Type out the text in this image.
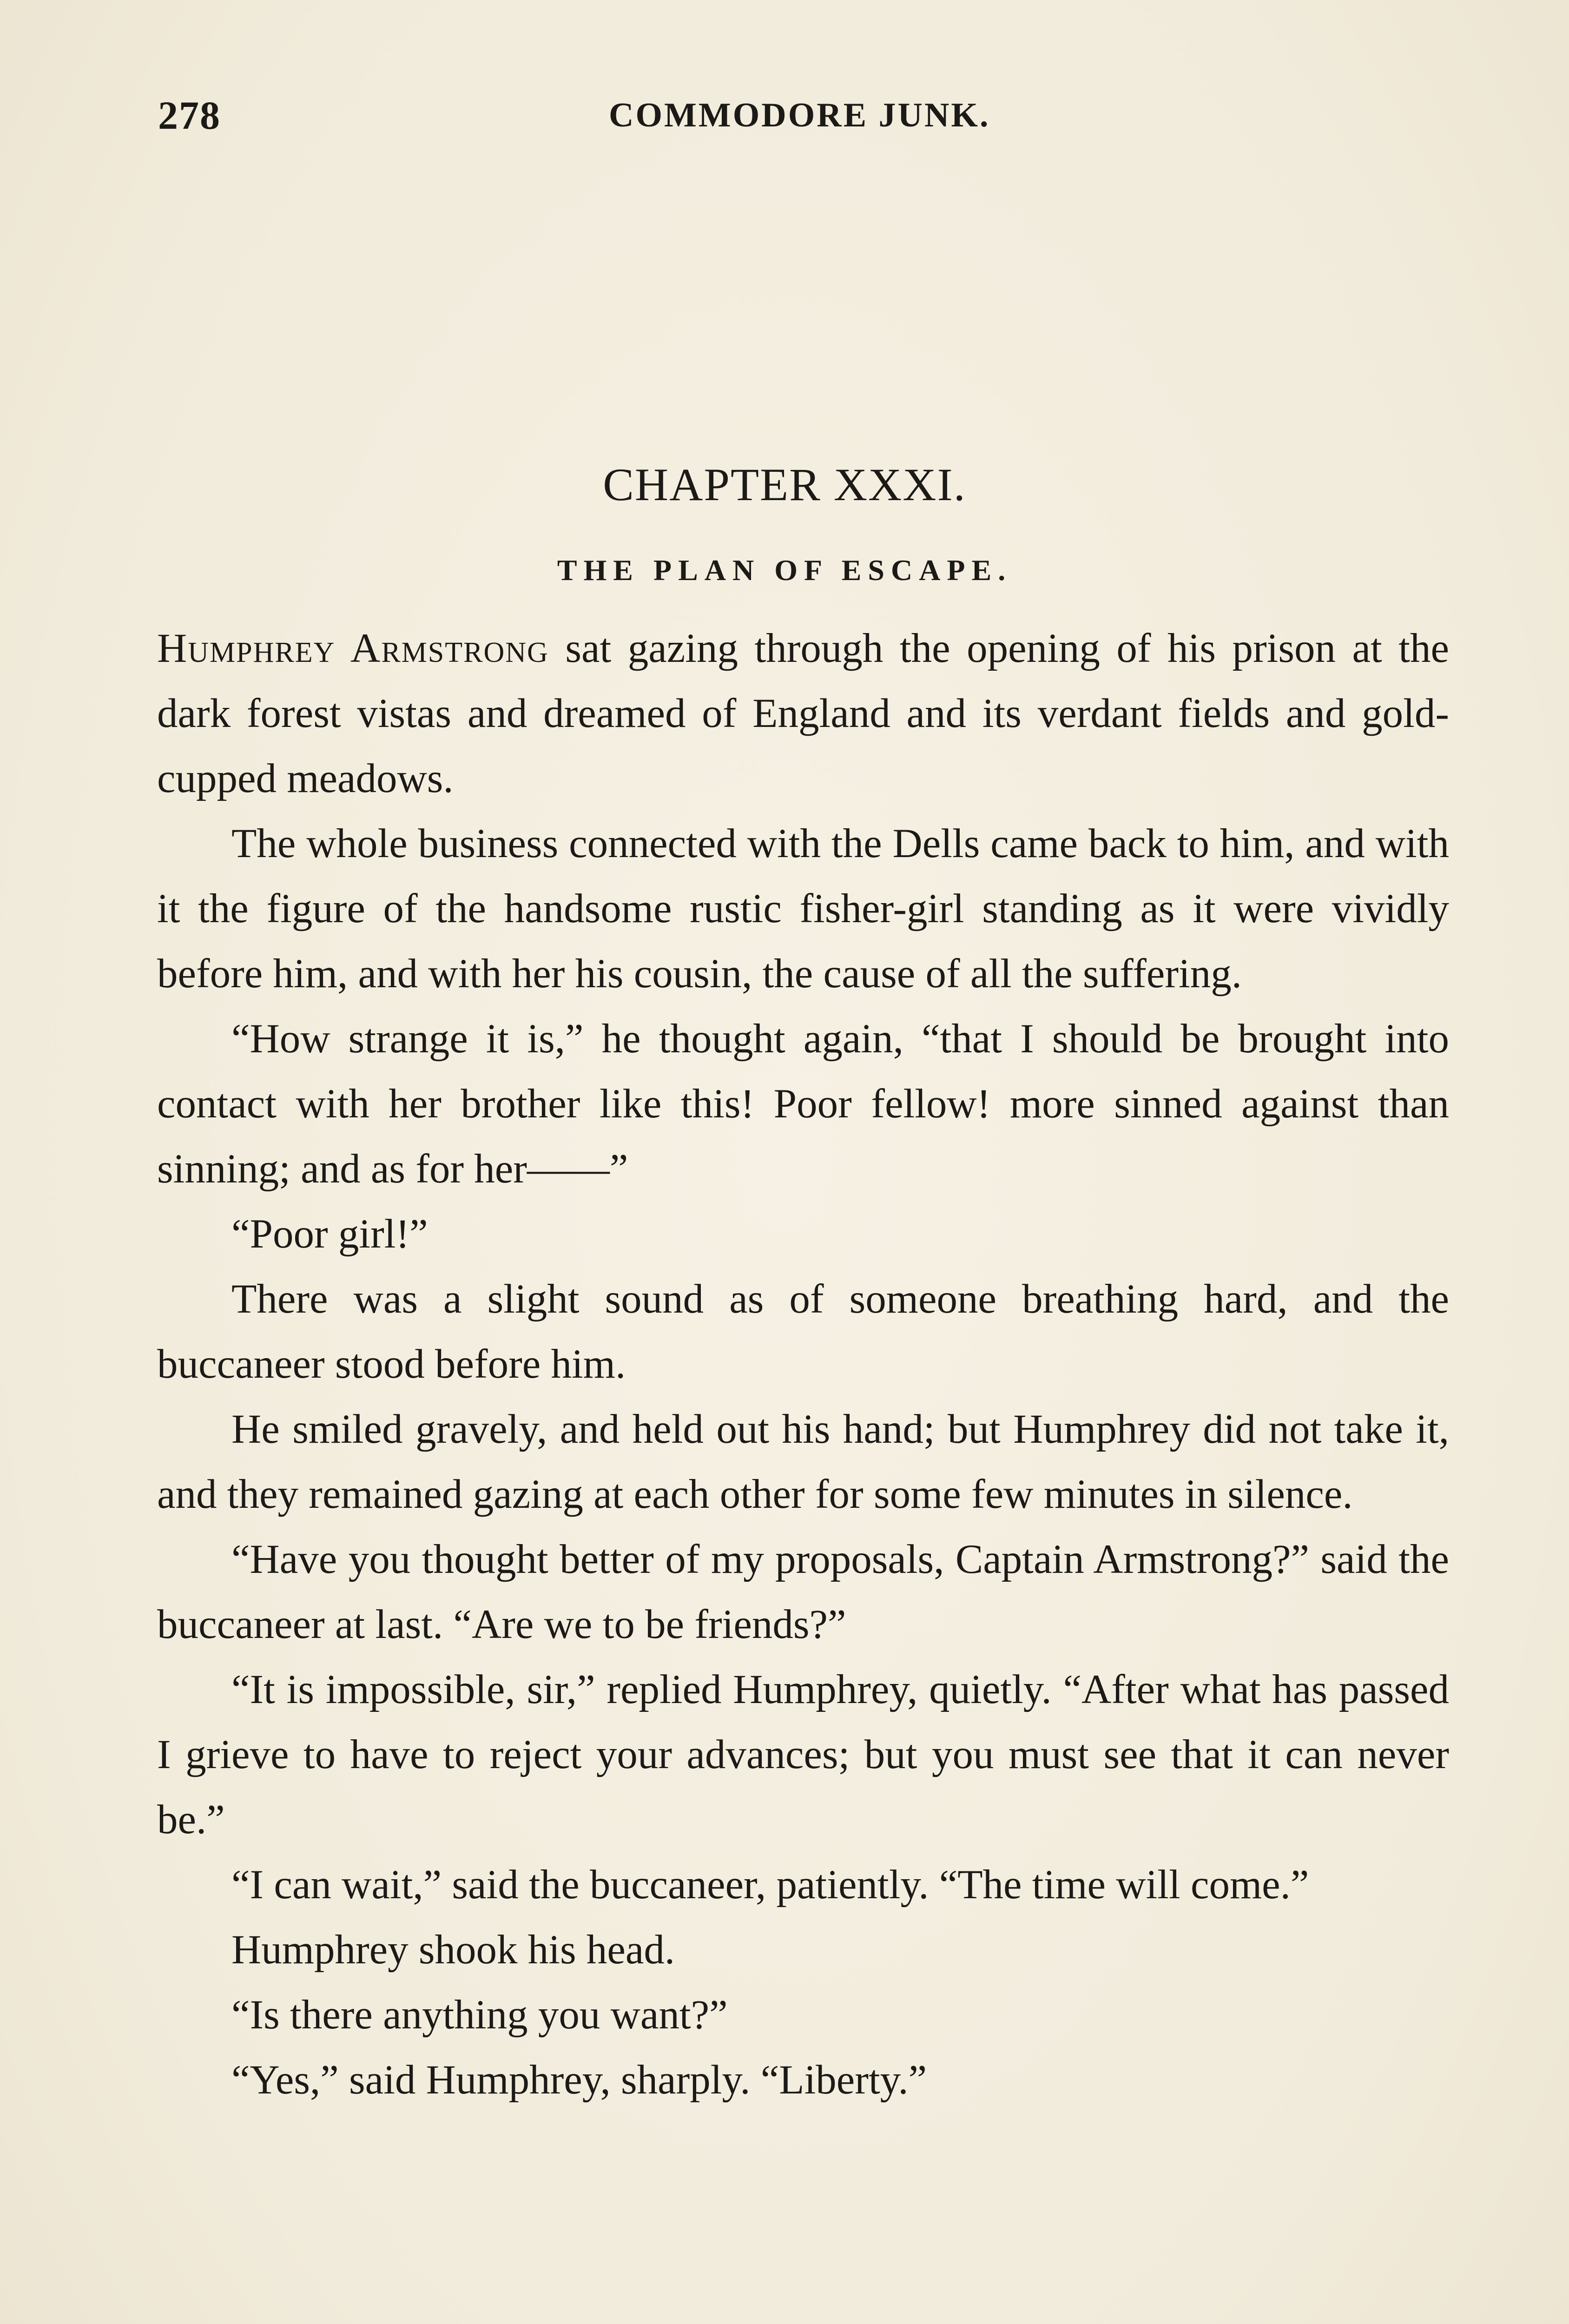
278	COMMODORE JUNK.
CHAPTER XXXI.
THE PLAN OF ESCAPE.

Humphrey Armstrong sat gazing through the opening of his prison at the dark forest vistas and dreamed of England and its verdant fields and gold-cupped meadows.

The whole business connected with the Dells came back to him, and with it the figure of the handsome rustic fisher-girl standing as it were vividly before him, and with her his cousin, the cause of all the suffering.

“How strange it is,” he thought again, “that I should be brought into contact with her brother like this! Poor fellow! more sinned against than sinning; and as for her——”

“Poor girl!”

There was a slight sound as of someone breathing hard, and the buccaneer stood before him.

He smiled gravely, and held out his hand; but Humphrey did not take it, and they remained gazing at each other for some few minutes in silence.

“Have you thought better of my proposals, Captain Armstrong?” said the buccaneer at last. “Are we to be friends?”

“It is impossible, sir,” replied Humphrey, quietly. “After what has passed I grieve to have to reject your advances; but you must see that it can never be.”

“I can wait,” said the buccaneer, patiently. “The time will come.”

Humphrey shook his head.

“Is there anything you want?”

“Yes,” said Humphrey, sharply. “Liberty.”
